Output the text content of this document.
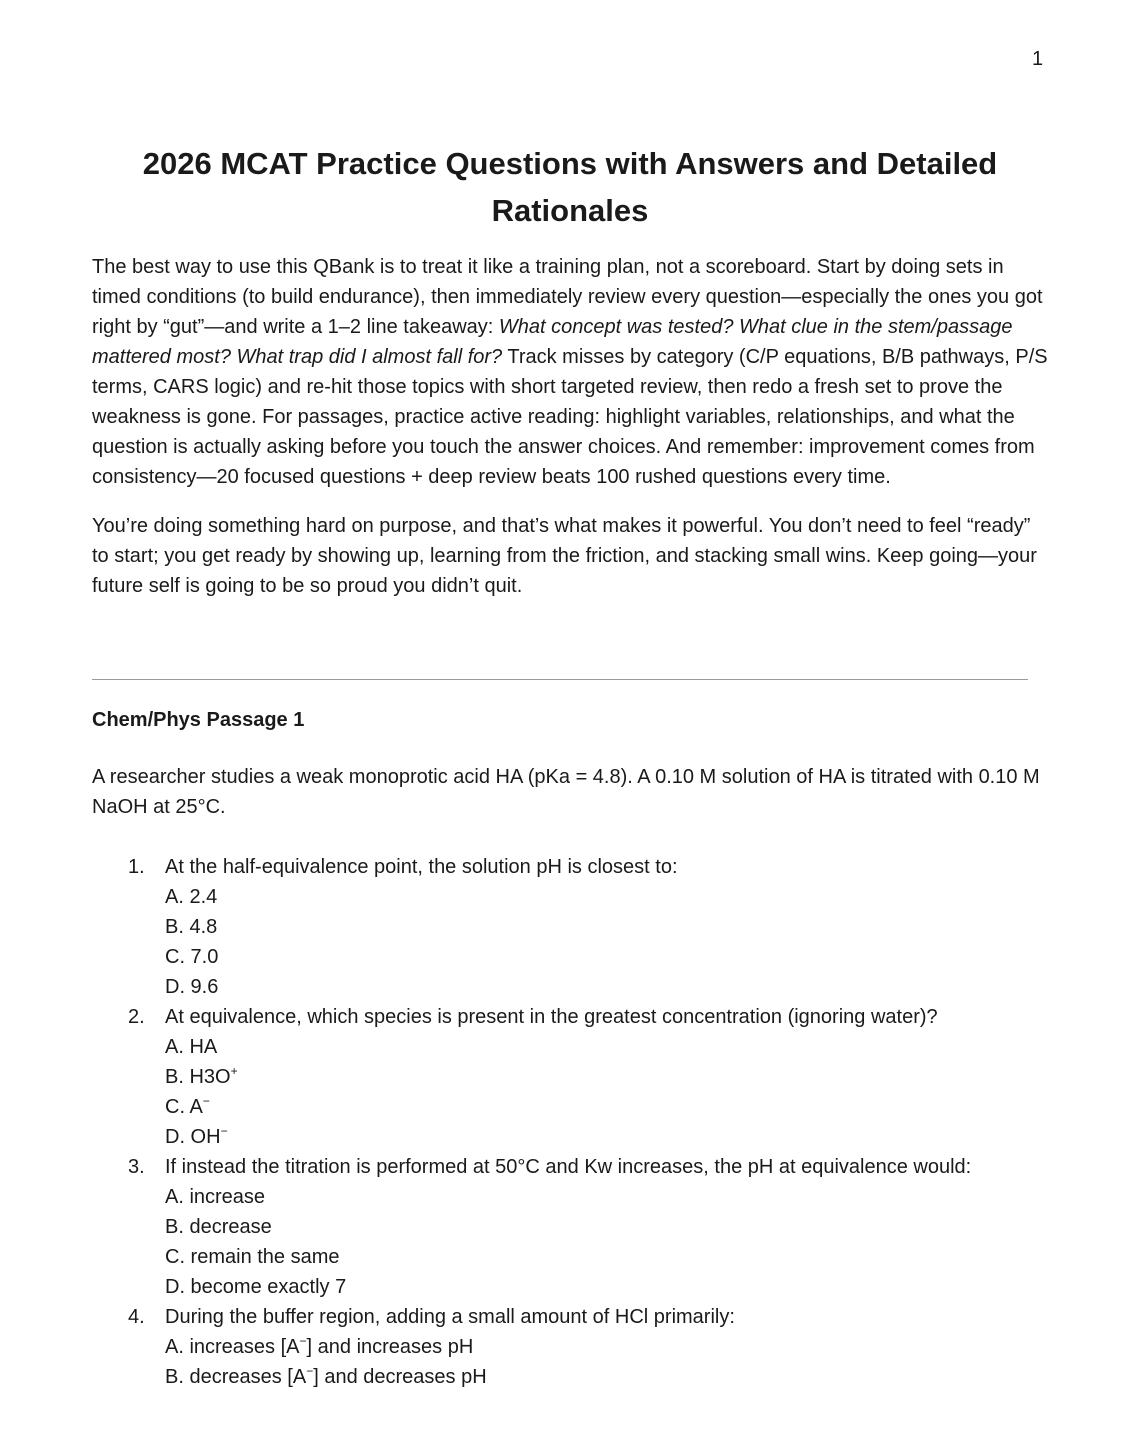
1
2026 MCAT Practice Questions with Answers and Detailed Rationales

The best way to use this QBank is to treat it like a training plan, not a scoreboard. Start by doing sets in timed conditions (to build endurance), then immediately review every question—especially the ones you got right by “gut”—and write a 1–2 line takeaway: What concept was tested? What clue in the stem/passage mattered most? What trap did I almost fall for? Track misses by category (C/P equations, B/B pathways, P/S terms, CARS logic) and re-hit those topics with short targeted review, then redo a fresh set to prove the weakness is gone. For passages, practice active reading: highlight variables, relationships, and what the question is actually asking before you touch the answer choices. And remember: improvement comes from consistency—20 focused questions + deep review beats 100 rushed questions every time.

You’re doing something hard on purpose, and that’s what makes it powerful. You don’t need to feel “ready” to start; you get ready by showing up, learning from the friction, and stacking small wins. Keep going—your future self is going to be so proud you didn’t quit.

Chem/Phys Passage 1

A researcher studies a weak monoprotic acid HA (pKa = 4.8). A 0.10 M solution of HA is titrated with 0.10 M NaOH at 25°C.

1. At the half-equivalence point, the solution pH is closest to:
A. 2.4
B. 4.8
C. 7.0
D. 9.6
2. At equivalence, which species is present in the greatest concentration (ignoring water)?
A. HA
B. H3O+
C. A−
D. OH−
3. If instead the titration is performed at 50°C and Kw increases, the pH at equivalence would:
A. increase
B. decrease
C. remain the same
D. become exactly 7
4. During the buffer region, adding a small amount of HCl primarily:
A. increases [A−] and increases pH
B. decreases [A−] and decreases pH
